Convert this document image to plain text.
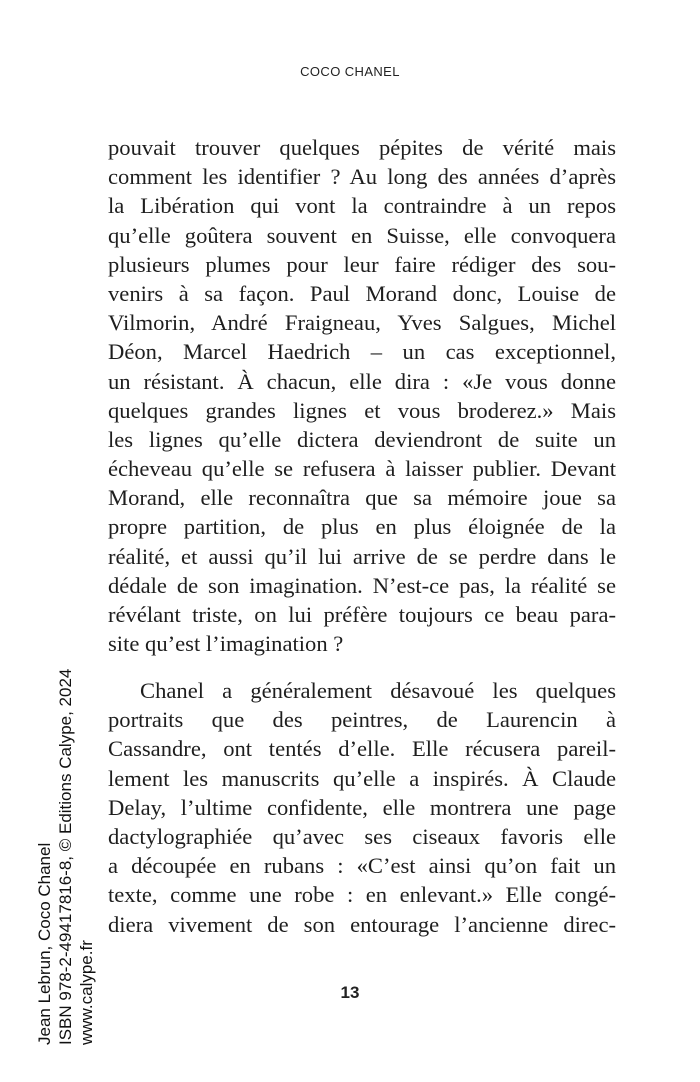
COCO CHANEL
pouvait trouver quelques pépites de vérité mais
comment les identifier ? Au long des années d’après
la Libération qui vont la contraindre à un repos
qu’elle goûtera souvent en Suisse, elle convoquera
plusieurs plumes pour leur faire rédiger des sou-
venirs à sa façon. Paul Morand donc, Louise de
Vilmorin, André Fraigneau, Yves Salgues, Michel
Déon, Marcel Haedrich – un cas exceptionnel,
un résistant. À chacun, elle dira : «Je vous donne
quelques grandes lignes et vous broderez.» Mais
les lignes qu’elle dictera deviendront de suite un
écheveau qu’elle se refusera à laisser publier. Devant
Morand, elle reconnaîtra que sa mémoire joue sa
propre partition, de plus en plus éloignée de la
réalité, et aussi qu’il lui arrive de se perdre dans le
dédale de son imagination. N’est-ce pas, la réalité se
révélant triste, on lui préfère toujours ce beau para-
site qu’est l’imagination ?
Chanel a généralement désavoué les quelques
portraits que des peintres, de Laurencin à
Cassandre, ont tentés d’elle. Elle récusera pareil-
lement les manuscrits qu’elle a inspirés. À Claude
Delay, l’ultime confidente, elle montrera une page
dactylographiée qu’avec ses ciseaux favoris elle
a découpée en rubans : «C’est ainsi qu’on fait un
texte, comme une robe : en enlevant.» Elle congé-
diera vivement de son entourage l’ancienne direc-
13
Jean Lebrun, Coco Chanel ISBN 978-2-49417816-8, © Editions Calype, 2024 www.calype.fr
